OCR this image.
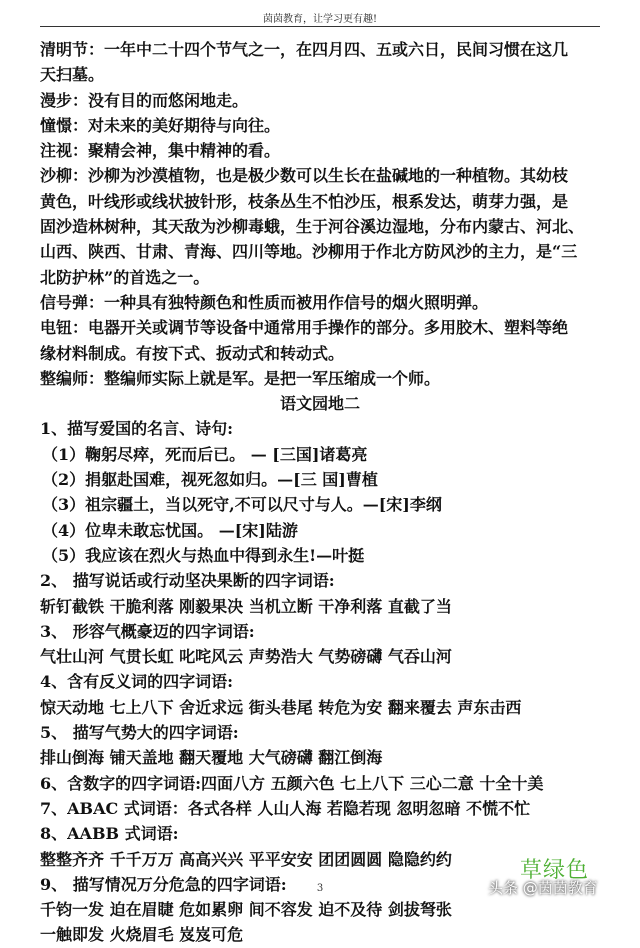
茵茵教育，让学习更有趣!
清明节：一年中二十四个节气之一，在四月四、五或六日，民间习惯在这几
天扫墓。
漫步：没有目的而悠闲地走。
憧憬：对未来的美好期待与向往。
注视：聚精会神，集中精神的看。
沙柳：沙柳为沙漠植物，也是极少数可以生长在盐碱地的一种植物。其幼枝
黄色，叶线形或线状披针形，枝条丛生不怕沙压，根系发达，萌芽力强，是
固沙造林树种，其天敌为沙柳毒蛾，生于河谷溪边湿地，分布内蒙古、河北、
山西、陕西、甘肃、青海、四川等地。沙柳用于作北方防风沙的主力，是“三
北防护林”的首选之一。
信号弹：一种具有独特颜色和性质而被用作信号的烟火照明弹。
电钮：电器开关或调节等设备中通常用手操作的部分。多用胶木、塑料等绝
缘材料制成。有按下式、扳动式和转动式。
整编师：整编师实际上就是军。是把一军压缩成一个师。
语文园地二
1、描写爱国的名言、诗句:
（1）鞠躬尽瘁，死而后已。 — [三国]诸葛亮
（2）捐躯赴国难，视死忽如归。—[三 国]曹植
（3）祖宗疆土，当以死守,不可以尺寸与人。—[宋]李纲
（4）位卑未敢忘忧国。 —[宋]陆游
（5）我应该在烈火与热血中得到永生!—叶挺
2、 描写说话或行动坚决果断的四字词语:
斩钉截铁 干脆利落 刚毅果决 当机立断 干净利落 直截了当
3、 形容气概豪迈的四字词语:
气壮山河 气贯长虹 叱咤风云 声势浩大 气势磅礴 气吞山河
4、含有反义词的四字词语:
惊天动地 七上八下 舍近求远 街头巷尾 转危为安 翻来覆去 声东击西
5、 描写气势大的四字词语:
排山倒海 铺天盖地 翻天覆地 大气磅礴 翻江倒海
6、含数字的四字词语:四面八方 五颜六色 七上八下 三心二意 十全十美
7、ABAC 式词语：各式各样 人山人海 若隐若现 忽明忽暗 不慌不忙
8、AABB 式词语:
整整齐齐 千千万万 高高兴兴 平平安安 团团圆圆 隐隐约约
9、 描写情况万分危急的四字词语:
千钧一发 迫在眉睫 危如累卵 间不容发 迫不及待 剑拔弩张
一触即发 火烧眉毛 岌岌可危
3
草绿色
头条 @茵茵教育
